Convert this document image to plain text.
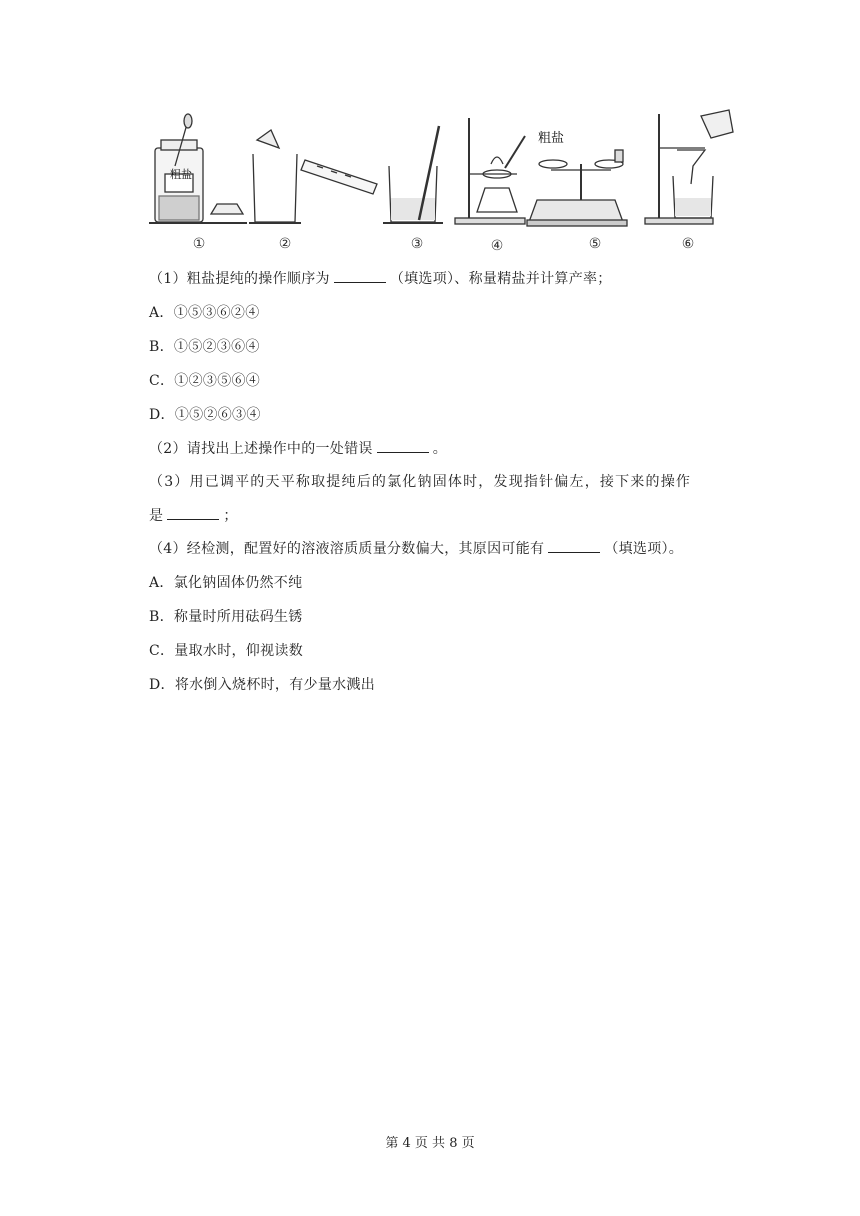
粗盐
粗盐
①	②	③	④	⑤	⑥
（1）粗盐提纯的操作顺序为	（填选项）、称量精盐并计算产率；
A．①⑤③⑥②④
B．①⑤②③⑥④
C．①②③⑤⑥④
D．①⑤②⑥③④
（2）请找出上述操作中的一处错误	。
（3）用已调平的天平称取提纯后的氯化钠固体时，发现指针偏左，接下来的操作
是	；
（4）经检测，配置好的溶液溶质质量分数偏大，其原因可能有	（填选项）。
A．氯化钠固体仍然不纯
B．称量时所用砝码生锈
C．量取水时，仰视读数
D．将水倒入烧杯时，有少量水溅出
第 4 页 共 8 页
